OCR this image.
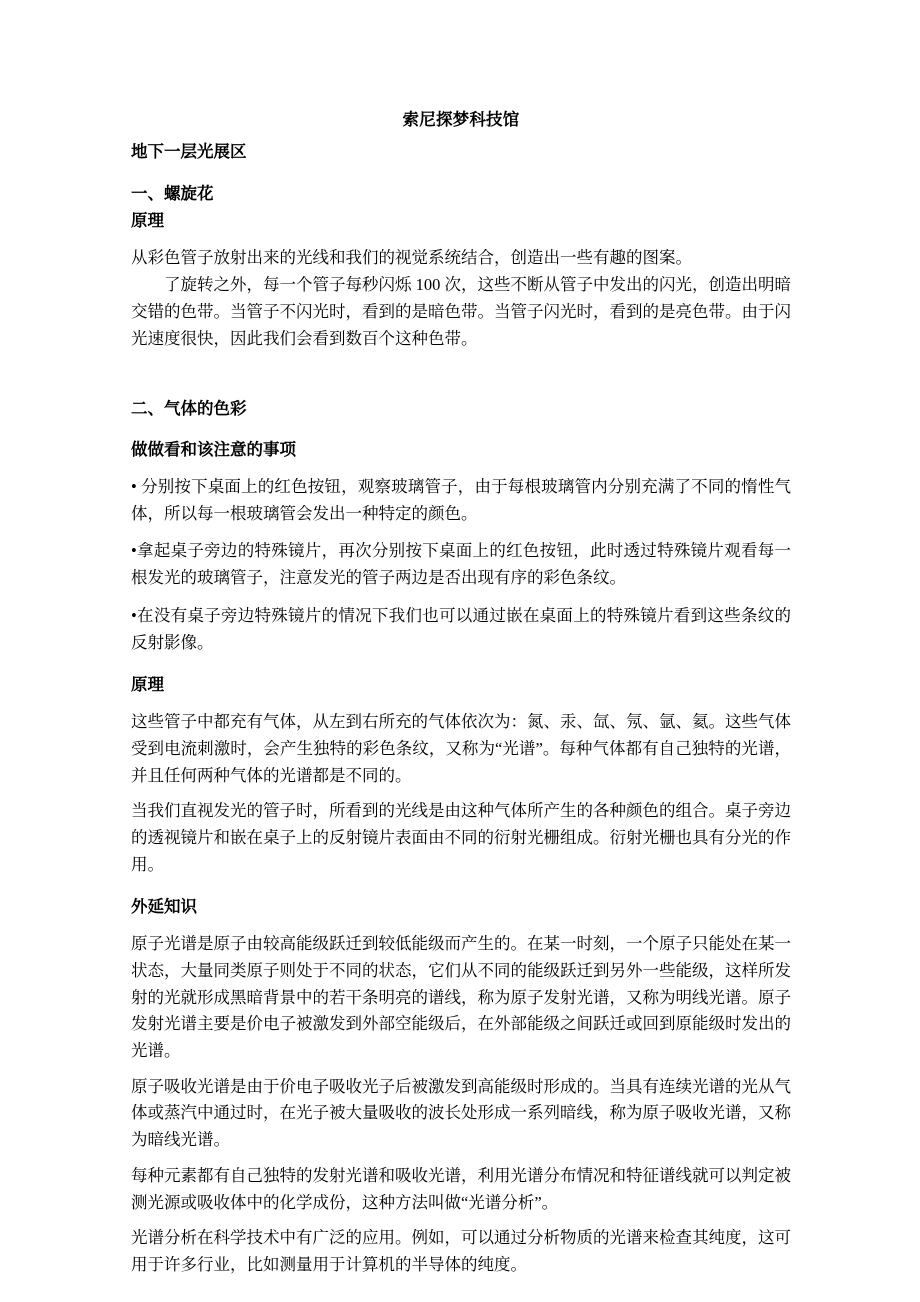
索尼探梦科技馆
地下一层光展区
一、螺旋花
原理

从彩色管子放射出来的光线和我们的视觉系统结合，创造出一些有趣的图案。

了旋转之外，每一个管子每秒闪烁 100 次，这些不断从管子中发出的闪光，创造出明暗交错的色带。当管子不闪光时，看到的是暗色带。当管子闪光时，看到的是亮色带。由于闪光速度很快，因此我们会看到数百个这种色带。

二、气体的色彩
做做看和该注意的事项

• 分别按下桌面上的红色按钮，观察玻璃管子，由于每根玻璃管内分别充满了不同的惰性气体，所以每一根玻璃管会发出一种特定的颜色。

•拿起桌子旁边的特殊镜片，再次分别按下桌面上的红色按钮，此时透过特殊镜片观看每一根发光的玻璃管子，注意发光的管子两边是否出现有序的彩色条纹。

•在没有桌子旁边特殊镜片的情况下我们也可以通过嵌在桌面上的特殊镜片看到这些条纹的反射影像。

原理

这些管子中都充有气体，从左到右所充的气体依次为：氮、汞、氙、氖、氩、氦。这些气体受到电流刺激时，会产生独特的彩色条纹，又称为“光谱”。每种气体都有自己独特的光谱，并且任何两种气体的光谱都是不同的。

当我们直视发光的管子时，所看到的光线是由这种气体所产生的各种颜色的组合。桌子旁边的透视镜片和嵌在桌子上的反射镜片表面由不同的衍射光栅组成。衍射光栅也具有分光的作用。

外延知识

原子光谱是原子由较高能级跃迁到较低能级而产生的。在某一时刻，一个原子只能处在某一状态，大量同类原子则处于不同的状态，它们从不同的能级跃迁到另外一些能级，这样所发射的光就形成黑暗背景中的若干条明亮的谱线，称为原子发射光谱，又称为明线光谱。原子发射光谱主要是价电子被激发到外部空能级后，在外部能级之间跃迁或回到原能级时发出的光谱。

原子吸收光谱是由于价电子吸收光子后被激发到高能级时形成的。当具有连续光谱的光从气体或蒸汽中通过时，在光子被大量吸收的波长处形成一系列暗线，称为原子吸收光谱，又称为暗线光谱。

每种元素都有自己独特的发射光谱和吸收光谱，利用光谱分布情况和特征谱线就可以判定被测光源或吸收体中的化学成份，这种方法叫做“光谱分析”。

光谱分析在科学技术中有广泛的应用。例如，可以通过分析物质的光谱来检查其纯度，这可用于许多行业，比如测量用于计算机的半导体的纯度。
